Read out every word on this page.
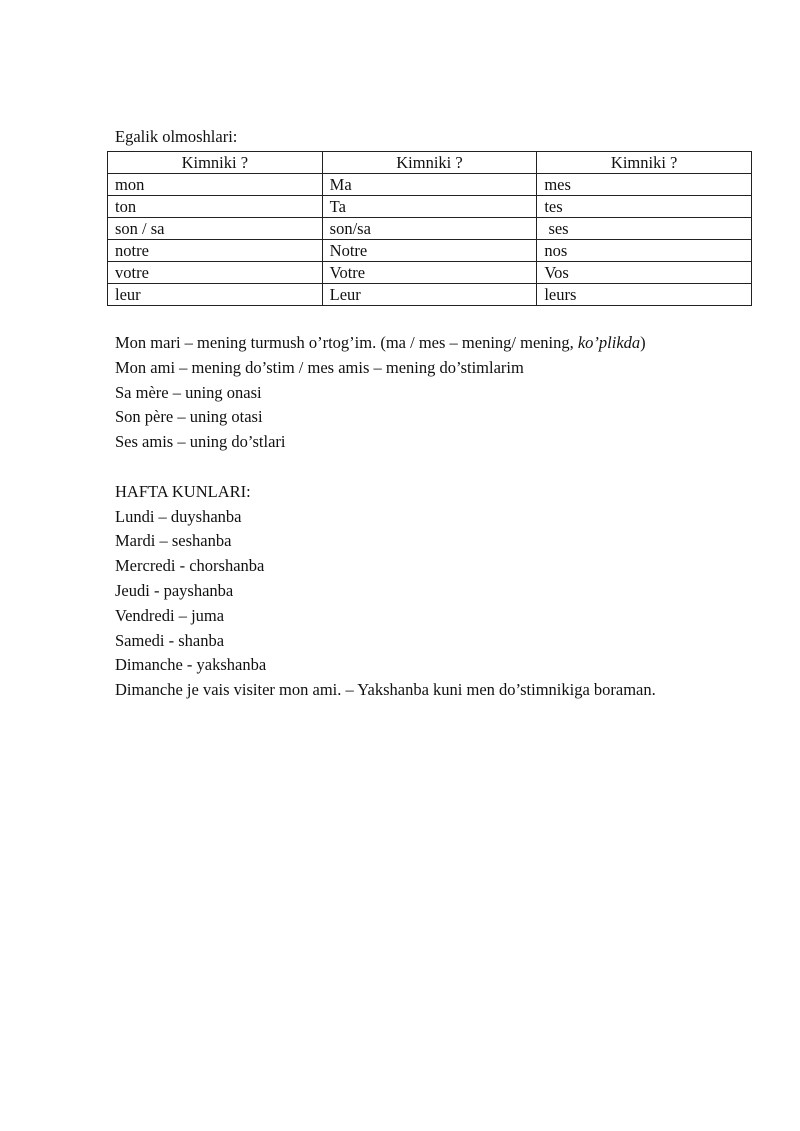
Egalik olmoshlari:
Kimniki ?	Kimniki ?	Kimniki ?
mon	Ma	mes
ton	Ta	tes
son / sa	son/sa	ses
notre	Notre	nos
votre	Votre	Vos
leur	Leur	leurs
Mon mari – mening turmush o’rtog’im. (ma / mes – mening/ mening, ko’plikda)
Mon ami – mening do’stim / mes amis – mening do’stimlarim
Sa mère – uning onasi
Son père – uning otasi
Ses amis – uning do’stlari
HAFTA KUNLARI:
Lundi – duyshanba
Mardi – seshanba
Mercredi - chorshanba
Jeudi - payshanba
Vendredi – juma
Samedi - shanba
Dimanche - yakshanba
Dimanche je vais visiter mon ami. – Yakshanba kuni men do’stimnikiga boraman.
